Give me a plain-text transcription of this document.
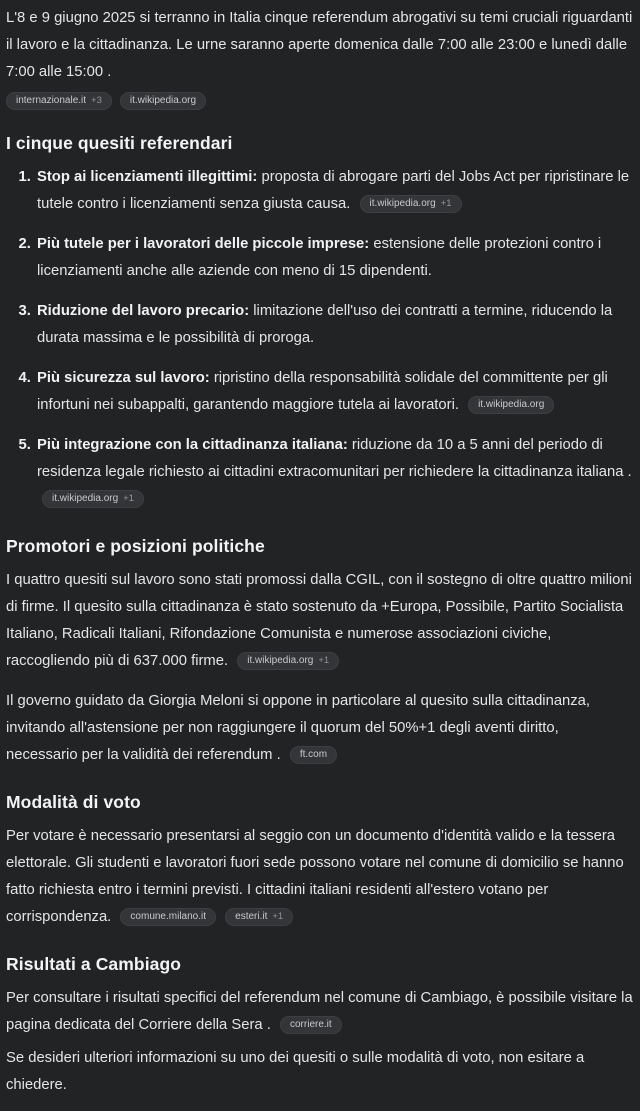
L'8 e 9 giugno 2025 si terranno in Italia cinque referendum abrogativi su temi cruciali riguardanti il lavoro e la cittadinanza. Le urne saranno aperte domenica dalle 7:00 alle 23:00 e lunedì dalle 7:00 alle 15:00 .

internazionale.it +3	it.wikipedia.org
I cinque quesiti referendari
1. Stop ai licenziamenti illegittimi: proposta di abrogare parti del Jobs Act per ripristinare le tutele contro i licenziamenti senza giusta causa. it.wikipedia.org +1
2. Più tutele per i lavoratori delle piccole imprese: estensione delle protezioni contro i licenziamenti anche alle aziende con meno di 15 dipendenti.
3. Riduzione del lavoro precario: limitazione dell'uso dei contratti a termine, riducendo la durata massima e le possibilità di proroga.
4. Più sicurezza sul lavoro: ripristino della responsabilità solidale del committente per gli infortuni nei subappalti, garantendo maggiore tutela ai lavoratori. it.wikipedia.org
5. Più integrazione con la cittadinanza italiana: riduzione da 10 a 5 anni del periodo di residenza legale richiesto ai cittadini extracomunitari per richiedere la cittadinanza italiana .
it.wikipedia.org +1
Promotori e posizioni politiche

I quattro quesiti sul lavoro sono stati promossi dalla CGIL, con il sostegno di oltre quattro milioni di firme. Il quesito sulla cittadinanza è stato sostenuto da +Europa, Possibile, Partito Socialista Italiano, Radicali Italiani, Rifondazione Comunista e numerose associazioni civiche, raccogliendo più di 637.000 firme. it.wikipedia.org +1

Il governo guidato da Giorgia Meloni si oppone in particolare al quesito sulla cittadinanza, invitando all'astensione per non raggiungere il quorum del 50%+1 degli aventi diritto, necessario per la validità dei referendum . ft.com

Modalità di voto

Per votare è necessario presentarsi al seggio con un documento d'identità valido e la tessera elettorale. Gli studenti e lavoratori fuori sede possono votare nel comune di domicilio se hanno fatto richiesta entro i termini previsti. I cittadini italiani residenti all'estero votano per corrispondenza. comune.milano.it
	esteri.it +1

Risultati a Cambiago

Per consultare i risultati specifici del referendum nel comune di Cambiago, è possibile visitare la pagina dedicata del Corriere della Sera . corriere.it

Se desideri ulteriori informazioni su uno dei quesiti o sulle modalità di voto, non esitare a chiedere.
